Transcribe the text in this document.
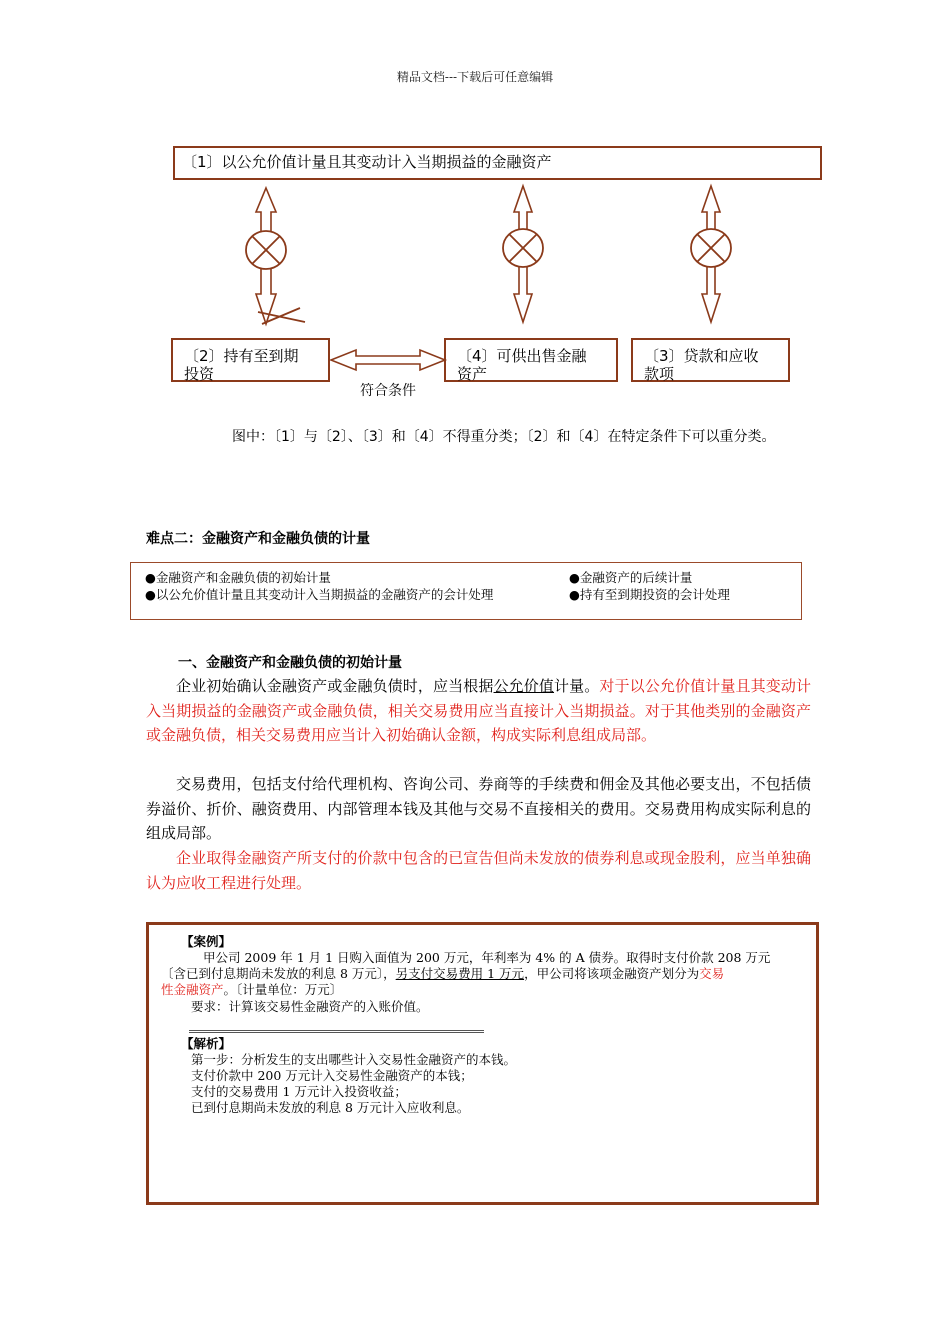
精品文档---下载后可任意编辑
〔1〕以公允价值计量且其变动计入当期损益的金融资产
〔2〕持有至到期
投资
〔4〕可供出售金融
资产
〔3〕贷款和应收
款项
符合条件
图中：〔1〕与〔2〕、〔3〕和〔4〕不得重分类；〔2〕和〔4〕在特定条件下可以重分类。
难点二：金融资产和金融负债的计量
●金融资产和金融负债的初始计量	●金融资产的后续计量
●以公允价值计量且其变动计入当期损益的金融资产的会计处理	●持有至到期投资的会计处理
一、金融资产和金融负债的初始计量
企业初始确认金融资产或金融负债时，应当根据公允价值计量。对于以公允价值计量且其变动计入当期损益的金融资产或金融负债，相关交易费用应当直接计入当期损益。对于其他类别的金融资产或金融负债，相关交易费用应当计入初始确认金额，构成实际利息组成局部。
交易费用，包括支付给代理机构、咨询公司、券商等的手续费和佣金及其他必要支出，不包括债券溢价、折价、融资费用、内部管理本钱及其他与交易不直接相关的费用。交易费用构成实际利息的组成局部。
企业取得金融资产所支付的价款中包含的已宣告但尚未发放的债券利息或现金股利，应当单独确认为应收工程进行处理。
【案例】
甲公司 2009 年 1 月 1 日购入面值为 200 万元，年利率为 4% 的 A 债券。取得时支付价款 208 万元
〔含已到付息期尚未发放的利息 8 万元〕，另支付交易费用 1 万元，甲公司将该项金融资产划分为交易
性金融资产。〔计量单位：万元〕
要求：计算该交易性金融资产的入账价值。
【解析】
第一步：分析发生的支出哪些计入交易性金融资产的本钱。
支付价款中 200 万元计入交易性金融资产的本钱；
支付的交易费用 1 万元计入投资收益；
已到付息期尚未发放的利息 8 万元计入应收利息。
